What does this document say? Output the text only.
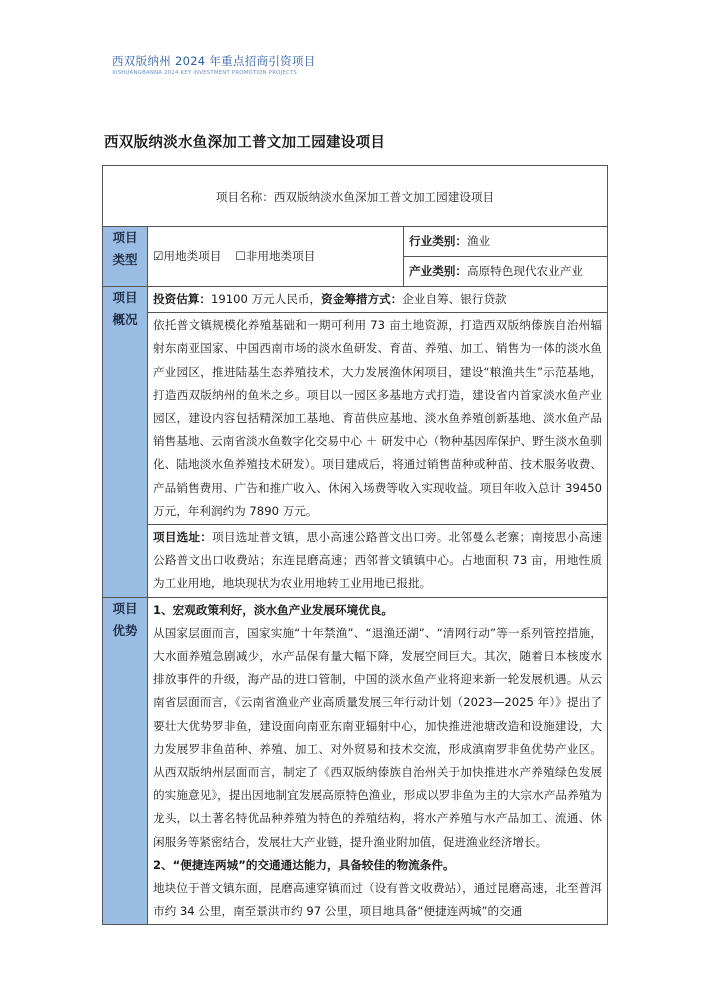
西双版纳州 2024 年重点招商引资项目
XISHUANGBANNA 2024 KEY INVESTMENT PROMOTION PROJECTS
西双版纳淡水鱼深加工普文加工园建设项目
项目名称：西双版纳淡水鱼深加工普文加工园建设项目		

项目类型	☑用地类项目 ☐非用地类项目	行业类别：渔业
		产业类别：高原特色现代农业产业
项目概况	投资估算：19100 万元人民币，资金筹措方式：企业自筹、银行贷款	

	依托普文镇规模化养殖基础和一期可利用 73 亩土地资源，打造西双版纳傣族自治州辐射东南亚国家、中国西南市场的淡水鱼研发、育苗、养殖、加工、销售为一体的淡水鱼产业园区，推进陆基生态养殖技术，大力发展渔休闲项目，建设“粮渔共生”示范基地，打造西双版纳州的鱼米之乡。项目以一园区多基地方式打造，建设省内首家淡水鱼产业园区，建设内容包括精深加工基地、育苗供应基地、淡水鱼养殖创新基地、淡水鱼产品销售基地、云南省淡水鱼数字化交易中心 ＋ 研发中心（物种基因库保护、野生淡水鱼驯化、陆地淡水鱼养殖技术研发）。项目建成后，将通过销售苗种或种苗、技术服务收费、产品销售费用、广告和推广收入、休闲入场费等收入实现收益。项目年收入总计 39450 万元，年利润约为 7890 万元。	

	项目选址：项目选址普文镇，思小高速公路普文出口旁。北邻曼么老寨；南接思小高速公路普文出口收费站；东连昆磨高速；西邻普文镇镇中心。占地面积 73 亩，用地性质为工业用地，地块现状为农业用地转工业用地已报批。	

项目优势	1、宏观政策利好，淡水鱼产业发展环境优良。

从国家层面而言，国家实施“十年禁渔”、“退渔还湖”、“清网行动”等一系列管控措施，大水面养殖急剧减少，水产品保有量大幅下降，发展空间巨大。其次，随着日本核废水排放事件的升级，海产品的进口管制，中国的淡水鱼产业将迎来新一轮发展机遇。从云南省层面而言，《云南省渔业产业高质量发展三年行动计划（2023—2025 年）》提出了要壮大优势罗非鱼，建设面向南亚东南亚辐射中心，加快推进池塘改造和设施建设，大力发展罗非鱼苗种、养殖、加工、对外贸易和技术交流，形成滇南罗非鱼优势产业区。从西双版纳州层面而言，制定了《西双版纳傣族自治州关于加快推进水产养殖绿色发展的实施意见》，提出因地制宜发展高原特色渔业，形成以罗非鱼为主的大宗水产品养殖为龙头，以土著名特优品种养殖为特色的养殖结构，将水产养殖与水产品加工、流通、休闲服务等紧密结合，发展壮大产业链，提升渔业附加值，促进渔业经济增长。

2、“便捷连两城”的交通通达能力，具备较佳的物流条件。

地块位于普文镇东面，昆磨高速穿镇而过（设有普文收费站），通过昆磨高速，北至普洱市约 34 公里，南至景洪市约 97 公里，项目地具备“便捷连两城”的交通	
